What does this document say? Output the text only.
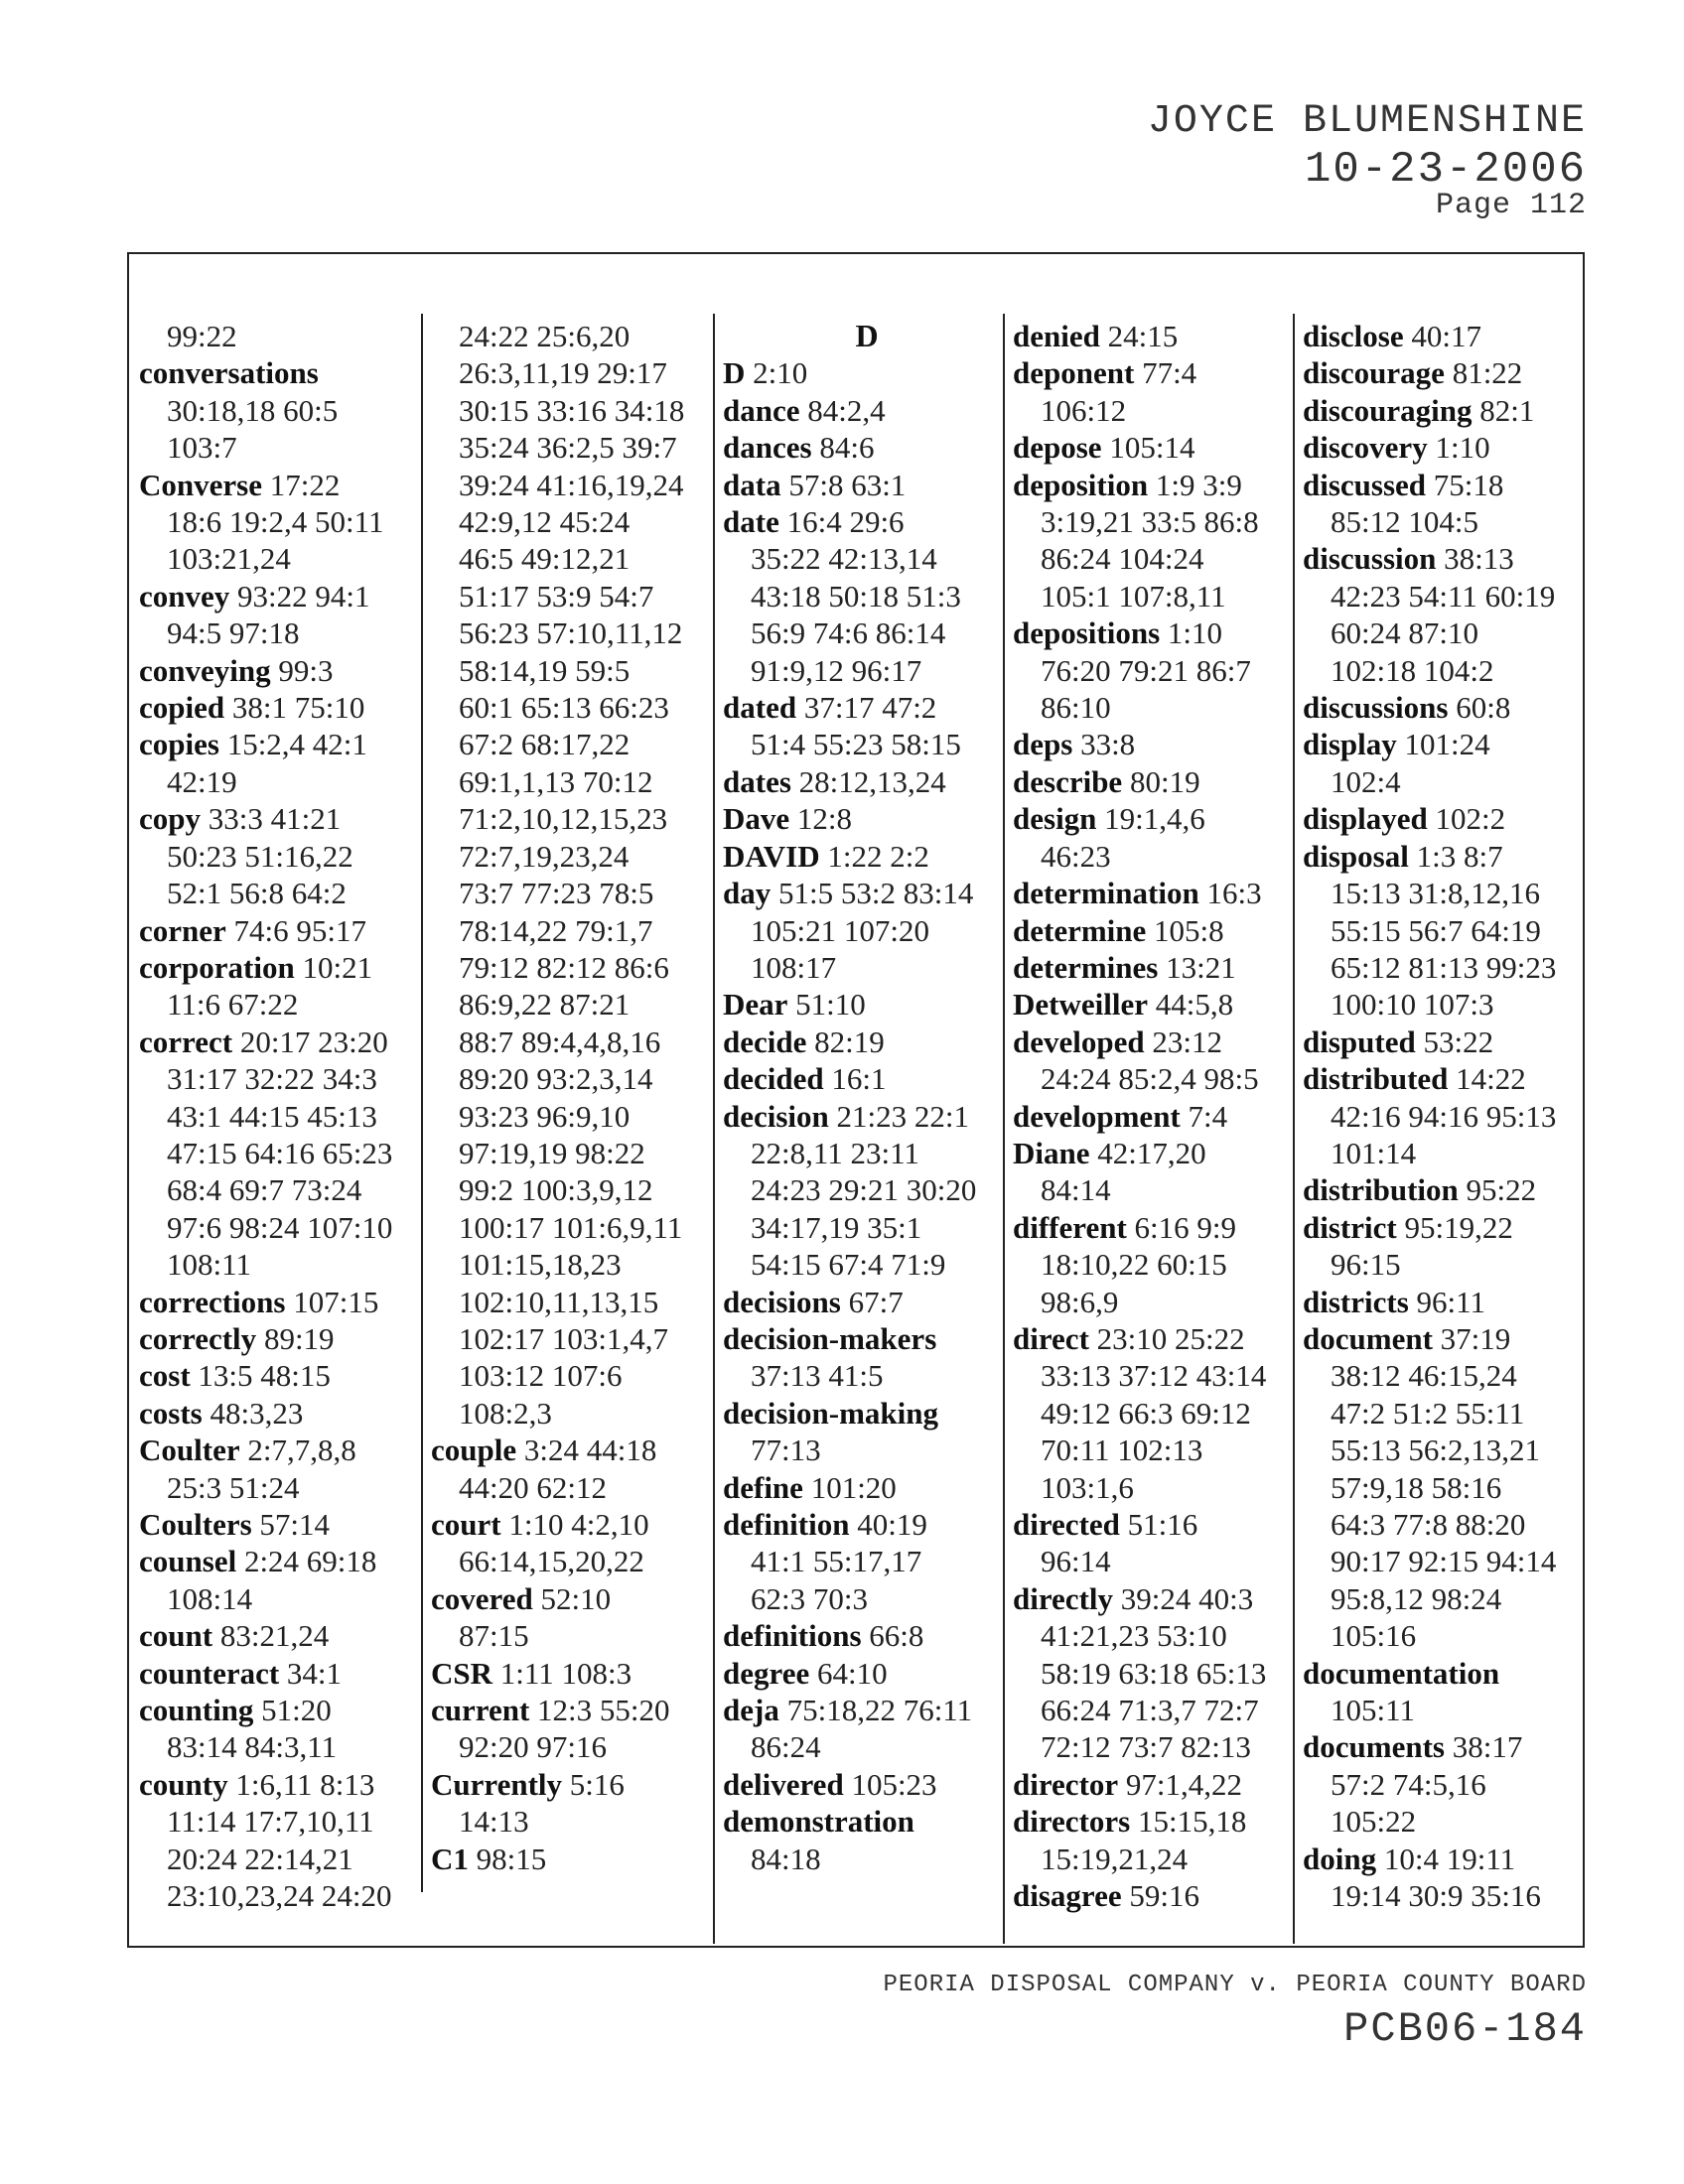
JOYCE BLUMENSHINE
10-23-2006
Page 112
99:22
conversations
30:18,18 60:5
103:7
Converse 17:22
18:6 19:2,4 50:11
103:21,24
convey 93:22 94:1
94:5 97:18
conveying 99:3
copied 38:1 75:10
copies 15:2,4 42:1
42:19
copy 33:3 41:21
50:23 51:16,22
52:1 56:8 64:2
corner 74:6 95:17
corporation 10:21
11:6 67:22
correct 20:17 23:20
31:17 32:22 34:3
43:1 44:15 45:13
47:15 64:16 65:23
68:4 69:7 73:24
97:6 98:24 107:10
108:11
corrections 107:15
correctly 89:19
cost 13:5 48:15
costs 48:3,23
Coulter 2:7,7,8,8
25:3 51:24
Coulters 57:14
counsel 2:24 69:18
108:14
count 83:21,24
counteract 34:1
counting 51:20
83:14 84:3,11
county 1:6,11 8:13
11:14 17:7,10,11
20:24 22:14,21
23:10,23,24 24:20
24:22 25:6,20
26:3,11,19 29:17
30:15 33:16 34:18
35:24 36:2,5 39:7
39:24 41:16,19,24
42:9,12 45:24
46:5 49:12,21
51:17 53:9 54:7
56:23 57:10,11,12
58:14,19 59:5
60:1 65:13 66:23
67:2 68:17,22
69:1,1,13 70:12
71:2,10,12,15,23
72:7,19,23,24
73:7 77:23 78:5
78:14,22 79:1,7
79:12 82:12 86:6
86:9,22 87:21
88:7 89:4,4,8,16
89:20 93:2,3,14
93:23 96:9,10
97:19,19 98:22
99:2 100:3,9,12
100:17 101:6,9,11
101:15,18,23
102:10,11,13,15
102:17 103:1,4,7
103:12 107:6
108:2,3
couple 3:24 44:18
44:20 62:12
court 1:10 4:2,10
66:14,15,20,22
covered 52:10
87:15
CSR 1:11 108:3
current 12:3 55:20
92:20 97:16
Currently 5:16
14:13
C1 98:15
D
D 2:10
dance 84:2,4
dances 84:6
data 57:8 63:1
date 16:4 29:6
35:22 42:13,14
43:18 50:18 51:3
56:9 74:6 86:14
91:9,12 96:17
dated 37:17 47:2
51:4 55:23 58:15
dates 28:12,13,24
Dave 12:8
DAVID 1:22 2:2
day 51:5 53:2 83:14
105:21 107:20
108:17
Dear 51:10
decide 82:19
decided 16:1
decision 21:23 22:1
22:8,11 23:11
24:23 29:21 30:20
34:17,19 35:1
54:15 67:4 71:9
decisions 67:7
decision-makers
37:13 41:5
decision-making
77:13
define 101:20
definition 40:19
41:1 55:17,17
62:3 70:3
definitions 66:8
degree 64:10
deja 75:18,22 76:11
86:24
delivered 105:23
demonstration
84:18
denied 24:15
deponent 77:4
106:12
depose 105:14
deposition 1:9 3:9
3:19,21 33:5 86:8
86:24 104:24
105:1 107:8,11
depositions 1:10
76:20 79:21 86:7
86:10
deps 33:8
describe 80:19
design 19:1,4,6
46:23
determination 16:3
determine 105:8
determines 13:21
Detweiller 44:5,8
developed 23:12
24:24 85:2,4 98:5
development 7:4
Diane 42:17,20
84:14
different 6:16 9:9
18:10,22 60:15
98:6,9
direct 23:10 25:22
33:13 37:12 43:14
49:12 66:3 69:12
70:11 102:13
103:1,6
directed 51:16
96:14
directly 39:24 40:3
41:21,23 53:10
58:19 63:18 65:13
66:24 71:3,7 72:7
72:12 73:7 82:13
director 97:1,4,22
directors 15:15,18
15:19,21,24
disagree 59:16
disclose 40:17
discourage 81:22
discouraging 82:1
discovery 1:10
discussed 75:18
85:12 104:5
discussion 38:13
42:23 54:11 60:19
60:24 87:10
102:18 104:2
discussions 60:8
display 101:24
102:4
displayed 102:2
disposal 1:3 8:7
15:13 31:8,12,16
55:15 56:7 64:19
65:12 81:13 99:23
100:10 107:3
disputed 53:22
distributed 14:22
42:16 94:16 95:13
101:14
distribution 95:22
district 95:19,22
96:15
districts 96:11
document 37:19
38:12 46:15,24
47:2 51:2 55:11
55:13 56:2,13,21
57:9,18 58:16
64:3 77:8 88:20
90:17 92:15 94:14
95:8,12 98:24
105:16
documentation
105:11
documents 38:17
57:2 74:5,16
105:22
doing 10:4 19:11
19:14 30:9 35:16
PEORIA DISPOSAL COMPANY v. PEORIA COUNTY BOARD
PCB06-184
